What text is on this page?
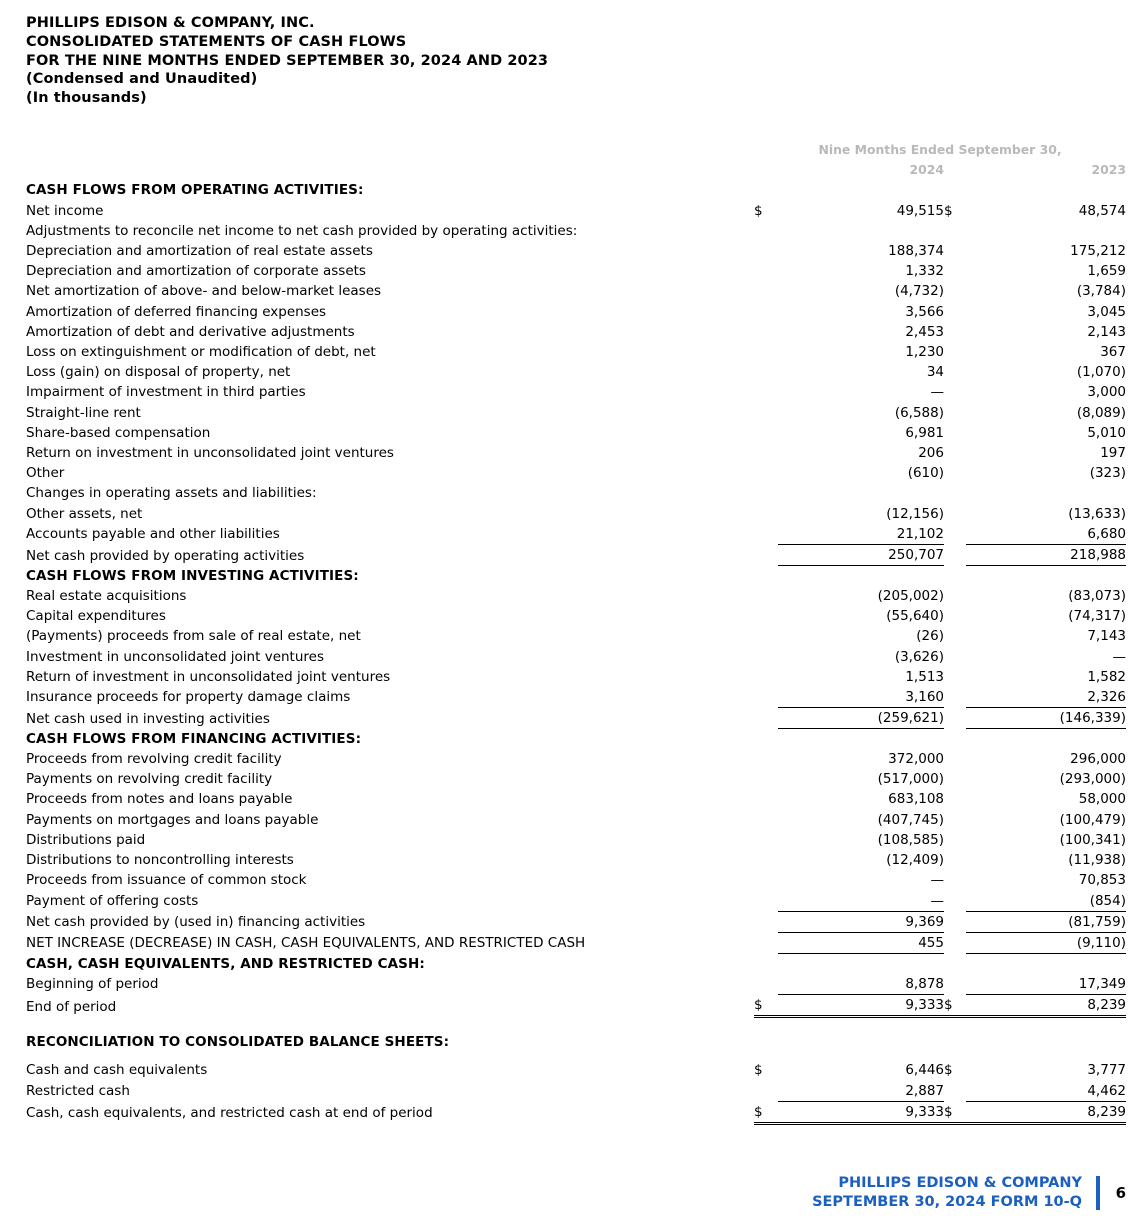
PHILLIPS EDISON & COMPANY, INC.
CONSOLIDATED STATEMENTS OF CASH FLOWS
FOR THE NINE MONTHS ENDED SEPTEMBER 30, 2024 AND 2023
(Condensed and Unaudited)
(In thousands)

	Nine Months Ended September 30,			
	2024		2023	
CASH FLOWS FROM OPERATING ACTIVITIES:				
Net income	$	49,515	$	48,574
Adjustments to reconcile net income to net cash provided by operating activities:				
Depreciation and amortization of real estate assets		188,374		175,212
Depreciation and amortization of corporate assets		1,332		1,659
Net amortization of above- and below-market leases		(4,732)		(3,784)
Amortization of deferred financing expenses		3,566		3,045
Amortization of debt and derivative adjustments		2,453		2,143
Loss on extinguishment or modification of debt, net		1,230		367
Loss (gain) on disposal of property, net		34		(1,070)
Impairment of investment in third parties		—		3,000
Straight-line rent		(6,588)		(8,089)
Share-based compensation		6,981		5,010
Return on investment in unconsolidated joint ventures		206		197
Other		(610)		(323)
Changes in operating assets and liabilities:				
Other assets, net		(12,156)		(13,633)
Accounts payable and other liabilities		21,102		6,680
Net cash provided by operating activities		250,707		218,988
CASH FLOWS FROM INVESTING ACTIVITIES:				
Real estate acquisitions		(205,002)		(83,073)
Capital expenditures		(55,640)		(74,317)
(Payments) proceeds from sale of real estate, net		(26)		7,143
Investment in unconsolidated joint ventures		(3,626)		—
Return of investment in unconsolidated joint ventures		1,513		1,582
Insurance proceeds for property damage claims		3,160		2,326
Net cash used in investing activities		(259,621)		(146,339)
CASH FLOWS FROM FINANCING ACTIVITIES:				
Proceeds from revolving credit facility		372,000		296,000
Payments on revolving credit facility		(517,000)		(293,000)
Proceeds from notes and loans payable		683,108		58,000
Payments on mortgages and loans payable		(407,745)		(100,479)
Distributions paid		(108,585)		(100,341)
Distributions to noncontrolling interests		(12,409)		(11,938)
Proceeds from issuance of common stock		—		70,853
Payment of offering costs		—		(854)
Net cash provided by (used in) financing activities		9,369		(81,759)
NET INCREASE (DECREASE) IN CASH, CASH EQUIVALENTS, AND RESTRICTED CASH		455		(9,110)
CASH, CASH EQUIVALENTS, AND RESTRICTED CASH:				
Beginning of period		8,878		17,349
End of period	$	9,333	$	8,239

RECONCILIATION TO CONSOLIDATED BALANCE SHEETS:				

Cash and cash equivalents	$	6,446	$	3,777
Restricted cash		2,887		4,462
Cash, cash equivalents, and restricted cash at end of period	$	9,333	$	8,239
PHILLIPS EDISON & COMPANY
SEPTEMBER 30, 2024 FORM 10-Q 6
